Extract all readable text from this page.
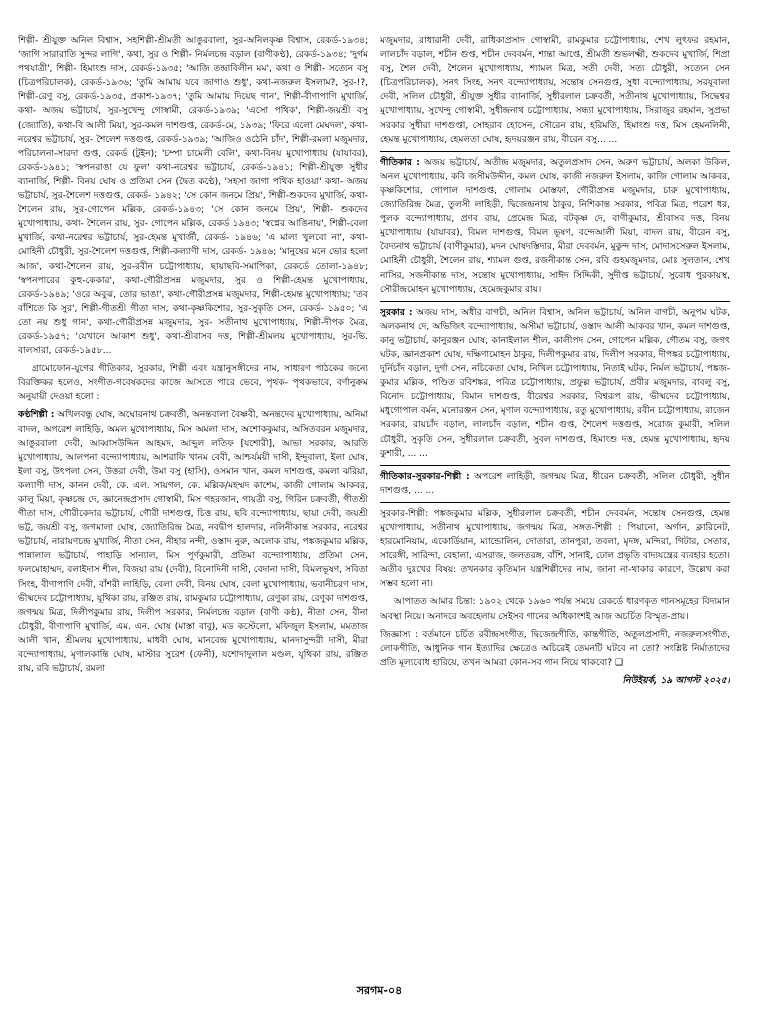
শিল্পী- শ্রীযুক্ত অনিল বিশ্বাস, সহশিল্পী-শ্রীমতী আঙুরবালা, সুর-অনিলকৃষ্ণ বিশ্বাস, রেকর্ড-১৯৩৪; 'জাগি সারারাতি সুন্দর লাগি', কথা, সুর ও শিল্পী- নির্মলচন্দ্র বড়াল (বাণীকণ্ঠ), রেকর্ড-১৯৩৪; 'দুর্গম পথযাত্রী', শিল্পী- হিমাংশু দাস, রেকর্ড-১৯৩৫; 'আজি তন্দ্রাবিলীন মম', কথা ও শিল্পী- সত্যেন বসু (চিত্রপরিচালক), রেকর্ড-১৯৩৬; 'তুমি আমায় যবে জাগাও শুধু', কথা-নজরুল ইসলাম?, সুর-!?, শিল্পী-রেণু বসু, রেকর্ড-১৯৩৫, প্রকাশ-১৯৩৭; 'তুমি আমায় দিয়েছ গান', শিল্পী-বীণাপাণি মুখার্জি, কথা- অজয় ভট্টাচার্য, সুর-সুখেন্দু গোস্বামী, রেকর্ড-১৯৩৯; 'এসো পথিক', শিল্পী-জয়শ্রী বসু (জ্যোতি), কথা-বি আলী মিয়া, সুর-কমল দাশগুপ্ত, রেকর্ড-মে, ১৯৩৯; 'ফিরে এলো মেঘদল', কথা- নরেশ্বর ভট্টাচার্য, সুর- শৈলেশ দত্তগুপ্ত, রেকর্ড-১৯৩৯; 'আজিও ওঠেনি চাঁদ', শিল্পী-রমলা মজুমদার, পরিচালনা-সারদা গুপ্ত, রেকর্ড (টুইন); 'চম্পা চামেলী বেলি', কথা-বিনয় মুখোপাধ্যায় (যাযাবর), রেকর্ড-১৯৪১; 'স্বপনরাঙা যে ফুল' কথা-নরেশ্বর ভট্টাচার্য, রেকর্ড-১৯৪১; শিল্পী-শ্রীযুক্ত সুধীর ব্যানার্জি, শিল্পী- বিনয় ঘোষ ও প্রতিমা সেন (দ্বৈত কণ্ঠে), 'সহসা জাগা পথিক হাওয়া' কথা- অজয় ভট্টাচার্য, সুর-শৈলেশ দত্তগুপ্ত, রেকর্ড- ১৯৪২; 'সে কোন জনমে প্রিয়', শিল্পী-শুকদেব মুখার্জি, কথা- শৈলেন রায়, সুর-গোপেন মল্লিক, রেকর্ড-১৯৪৩; 'সে কোন জনমে প্রিয়', শিল্পী- শুকদেব মুখোপাধ্যায়, কথা- শৈলেন রায়, সুর- গোপেন মল্লিক, রেকর্ড ১৯৪৩; 'স্বপ্নের আঙিনায়', শিল্পী-বেলা মুখার্জি, কথা-নরেশ্বর ভট্টাচার্য, সুর-হেমন্ত মুখার্জী, রেকর্ড- ১৯৪৬; 'এ মালা খুলবো না', কথা- মোহিনী চৌধুরী, সুর-শৈলেশ দত্তগুপ্ত, শিল্পী-কল্যাণী দাস, রেকর্ড- ১৯৪৬; 'মানুষের মনে ভোর হলো আজ', কথা-শৈলেন রায়, সুর-রবীন চট্টোপাধ্যায়, ছায়াছবি-সমাপিকা, রেকর্ডে তোলা-১৯৪৮; 'স্বপনপারের কুহু-কেকার', কথা-গৌরীপ্রসন্ন মজুমদার, সুর ও শিল্পী-হেমন্ত মুখোপাধ্যায়, রেকর্ড-১৯৪৯; 'ওরে অবুঝ, তোর ভাঙা', কথা-গৌরীপ্রসন্ন মজুমদার, শিল্পী-হেমন্ত মুখোপাধ্যায়; 'তব বাঁশিতে কি সুর', শিল্পী-গীতশ্রী গীতা দাস, কথা-কৃষ্ণকিশোর, সুর-সুকৃতি সেন, রেকর্ড- ১৯৫০; 'এ তো নয় শুধু গান', কথা-গৌরীপ্রসন্ন মজুমদার, সুর- সতীনাথ মুখোপাধ্যায়, শিল্পী-দীপক মৈত্র, রেকর্ড-১৯৫৭; 'যেখানে আকাশ শুধু', কথা-শ্রীবাসব দত্ত, শিল্পী-শ্রীমলয় মুখোপাধ্যায়, সুর-ভি. বালসারা, রেকর্ড-১৯৫৮...

গ্রামোফোন-যুগের গীতিকার, সুরকার, শিল্পী এবং যন্ত্রানুসঙ্গীদের নাম, সাধারণ পাঠকের জন্যে বিরক্তিকর হলেও, সংগীত-গবেষকদের কাজে আসতে পারে ভেবে, পৃথক- পৃথকভাবে, বর্ণানুক্রম অনুযায়ী দেওয়া হলো :

কণ্ঠশিল্পী : অখিলবন্ধু ঘোষ, অঘোরনাথ চক্রবর্তী, অনন্তবালা বৈষ্ণবী, অনন্তদেব মুখোপাধ্যায়, অনিমা বাদল, অপরেশ লাহিড়ি, অমল মুখোপাধ্যায়, মিস অমলা দাস, অশোককুমার, অসিতবরন মজুমদার, আঙুরবালা দেবী, আব্বাসউদ্দিন আহমদ, আব্দুল লতিফ [যশোরী], আভা সরকার, আরতি মুখোপাধ্যায়, আলপনা বন্দ্যোপাধ্যায়, আশরাফি খানম বেবী, আশ্চর্যময়ী দাসী, ইন্দুবালা, ইলা ঘোষ, ইলা বসু, উৎপলা সেন, উত্তরা দেবী, উমা বসু (হাসি), ওসমান খান, কমল দাশগুপ্ত, কমলা ঝরিয়া, কল্যাণী দাস, কানন দেবী, কে. এল. সায়গল, কে. মল্লিক/মহম্মদ কাশেম, কাজী গোলাম আকবর, কালু মিয়া, কৃষ্ণচন্দ্র দে, জ্ঞানেন্দ্রপ্রসাদ গোস্বামী, মিস গহরজান, গায়ত্রী বসু, গিরিন চক্রবর্তী, গীতশ্রী গীতা দাস, গৌরীকেদার ভট্টাচার্য, গৌরী দাশগুপ্ত, চিত্ত রায়, ছবি বন্দ্যোপাধ্যায়, ছায়া দেবী, জয়শ্রী ভট্ট, জয়শ্রী বসু, জগমালা ঘোষ, জ্যোতিরিন্দ্র মৈত্র, নবদ্বীপ হালদার, নলিনীকান্ত সরকার, নরেশ্বর ভট্টাচার্য, নারায়ণচন্দ্র মুখার্জি, নীতা সেন, নীহার নন্দী, ওস্তাদ নুরু, অলোক রায়, পঙ্কজকুমার মল্লিক, পান্নালাল ভট্টাচার্য, পাহাড়ি সান্যাল, মিস পূর্ণকুমারী, প্রতিমা বন্দ্যোপাধ্যায়, প্রতিমা সেন, ফলমোহাম্মদ, বলাইদাস শীল, বিজয়া রায় (দেবী), বিনোদিনী দাসী, বেদানা দাসী, বিমলভূষণ, সবিতা সিংহ, বীণাপাণি দেবী, বাঁশরী লাহিড়ি, বেলা দেবী, বিনয় ঘোষ, বেলা মুখোপাধ্যায়, ভবানীচরণ দাস, ভীষ্মদেব চট্টোপাধ্যায়, যূথিকা রায়, রঞ্জিত রায়, রামকুমার চট্টোপাধ্যায়, রেণুকা রায়, রেণুকা দাশগুপ্ত, জগন্ময় মিত্র, দিলীপকুমার রায়, দিলীপ সরকার, নির্মলচন্দ্র বড়াল (বাণী কণ্ঠ), নীতা সেন, বীনা চৌধুরী, বীণাপাণি মুখার্জি, এম. এন. ঘোষ (মাস্তা বাবু), মড কস্টেলো, মফিজুল ইসলাম, মমতাজ আলী খান, শ্রীমলয় মুখোপাধ্যায়, মাধবী ঘোষ, মানবেন্দ্র মুখোপাধ্যায়, মানদাসুন্দরী দাসী, মীরা বন্দ্যোপাধ্যায়, মৃণালকান্তি ঘোষ, মাস্টার সুরেশ (ফেনী), যশোদাদুলাল মণ্ডল, যূথিকা রায়, রঞ্জিত রায়, রবি ভট্টাচার্য, রমলা

মজুমদার, রাধারানী দেবী, রাধিকাপ্রসাদ গোস্বামী, রামকুমার চট্টোপাধ্যায়, শেখ লুৎফর রহমান, লালচাঁদ বড়াল, শচীন গুপ্ত, শচীন দেববর্মন, শান্তা আপ্তে, শ্রীমতী শুভলক্ষ্মী, শুকদেব মুখার্জি, শিপ্রা বসু, শৈল দেবী, শৈলেন মুখোপাধ্যায়, শ্যামল মিত্র, সতী দেবী, সত্য চৌধুরী, সত্যেন সেন (চিত্রপরিচালক), সনৎ সিংহ, সনৎ বন্দ্যোপাধ্যায়, সন্তোষ সেনগুপ্ত, সুধা বন্দ্যোপাধ্যায়, সরযূবালা দেবী, সলিল চৌধুরী, শ্রীযুক্ত সুধীর ব্যানার্জি, সুধীরলাল চক্রবর্তী, সতীনাথ মুখোপাধ্যায়, সিদ্ধেশ্বর মুখোপাধ্যায়, সুখেন্দু গোস্বামী, সুধীন্দ্রনাথ চট্টোপাধ্যায়, সন্ধ্যা মুখোপাধ্যায়, সিরাজুর রহমান, সুপ্রভা সরকার সুধীরা দাশগুপ্তা, সোহরাব হোসেন, সৌরেন রায়, হরিমতি, হিমাংশু দত্ত, মিস হেমনলিনী, হেমন্ত মুখোপাধ্যায়, হেমলতা ঘোষ, হৃদয়রঞ্জন রায়, বীরেন বসু... ...

গীতিকার : অজয় ভট্টাচার্য, অতীন্দ্র মজুমদার, অতুলপ্রসাদ সেন, অরুণ ভট্টাচার্য, অলকা উকিল, অনল মুখোপাধ্যায়, কবি জসীমউদ্দীন, কমল ঘোষ, কাজী নজরুল ইসলাম, কাজি গোলাম আকবর, কৃষ্ণকিশোর, গোপাল দাশগুপ্ত, গোলাম মোস্তফা, গৌরীপ্রসন্ন মজুমদার, চারু মুখোপাধ্যায়, জ্যোতিরিন্দ্র মৈত্র, তুলসী লাহিড়ী, দ্বিজেন্দ্রনাথ ঠাকুর, নিশিকান্ত সরকার, পবিত্র মিত্র, পরেশ ধর, পুলক বন্দ্যোপাধ্যায়, প্রণব রায়, প্রেমেন্দ্র মিত্র, বটকৃষ্ণ দে, বাণীকুমার, শ্রীবাসব দত্ত, বিনয় মুখোপাধ্যায় (যাযাবর), বিমল দাশগুপ্ত, বিমল ভূষণ, বন্দেআলী মিয়া, বাদল রায়, বীরেন বসু, বৈদ্যনাথ ভট্টাচার্য (বাণীকুমার), মদন ঘোষদস্তিদার, মীরা দেববর্মন, মুকুন্দ দাস, মোদাসসেরুল ইসলাম, মোহিনী চৌধুরী, শৈলেন রায়, শ্যামল গুপ্ত, রজনীকান্ত সেন, রবি গুহমজুমদার, মোঃ সুলতান, শেখ নাসির, সজনীকান্ত দাস, সন্তোষ মুখোপাধ্যায়, সাঈদ সিদ্দিকী, সুদীপ্ত ভট্টাচার্য, সুবোধ পুরকায়স্থ, সৌরীন্দ্রমোহন মুখোপাধ্যায়, হেমেন্দ্রকুমার রায়।

সুরকার : অজয় দাস, অধীর বাগচী, অনিল বিশ্বাস, অনিল ভট্টাচার্য, অনিল বাগচী, অনুপম ঘটক, অলকনাথ দে, অভিজিৎ বন্দ্যোপাধ্যায়, অসীমা ভট্টাচার্য, ওস্তাদ আলী আকবর খান, কমল দাশগুপ্ত, কানু ভট্টাচার্য, কানুরঞ্জন ঘোষ, কানাইলাল শীল, কালীপদ সেন, গোপেন মল্লিক, গৌতম বসু, জগৎ ঘটক, জ্ঞানপ্রকাশ ঘোষ, দক্ষিণামোহন ঠাকুর, দিলীপকুমার রায়, দিলীপ সরকার, দীপঙ্কর চট্টোপাধ্যায়, দুর্নিচাঁদ বড়াল, দুর্গা সেন, নচিকেতা ঘোষ, নিখিল চট্টোপাধ্যায়, নিতাই ঘটক, নির্মল ভট্টাচার্য, পঙ্কজ-কুমার মল্লিক, পণ্ডিত রবিশঙ্কর, পবিত্র চট্টোপাধ্যায়, প্রফুল্ল ভট্টাচার্য, প্রবীর মজুমদার, বাবলু বসু, বিনোদ চট্টোপাধ্যায়, বিমান দাশগুপ্ত, বীরেশ্বর সরকার, বিশ্বরূপ রায়, ভীষ্মদেব চট্টোপাধ্যায়, মধুগোপাল বর্মন, মনোরঞ্জন সেন, মৃণাল বন্দ্যোপাধ্যায়, রতু মুখোপাধ্যায়, রবীন চট্টোপাধ্যায়, রাজেন সরকার, রায়চাঁদ বড়াল, লালচাঁদ বড়াল, শচীন গুপ্ত, শৈলেশ দত্তগুপ্ত, সরোজ কুমারী, সলিল চৌধুরী, সুকৃতি সেন, সুধীরলাল চক্রবর্তী, সুবল দাশগুপ্ত, হিমাংশু দত্ত, হেমন্ত মুখোপাধ্যায়, হৃদয় কুশারী, ... ...

গীতিকার-সুরকার-শিল্পী : অপরেশ লাহিড়ী, জগন্ময় মিত্র, ধীরেন চক্রবর্তী, সলিল চৌধুরী, সুধীন দাশগুপ্ত, ... ...

সুরকার-শিল্পী: পঙ্কজকুমার মল্লিক, সুধীরলাল চক্রবর্তী, শচীন দেববর্মন, সন্তোষ সেনগুপ্ত, হেমন্ত মুখোপাধ্যায়, সতীনাথ মুখোপাধ্যায়, জগন্ময় মিত্র, সঙ্গত-শিল্পী : পিয়ানো, অর্গান, ক্লারিনেট, হারমোনিয়াম, একোর্ডিয়ান, ম্যান্ডোলিন, দোতারা, তানপুরা, তবলা, মৃদঙ্গ, মন্দিরা, গিটার, সেতার, সারেঙ্গী, সারিন্দা, বেহালা, এসরাজ, জলতরঙ্গ, বাঁশি, সানাই, ঢোল প্রভৃতি বাদ্যযন্ত্রের ব্যবহার হতো। অতীব দুঃখের বিষয়: তখনকার কৃতিমান যন্ত্রশিল্পীদের নাম, জানা না-থাকার কারণে, উল্লেখ করা সম্ভব হলো না।

আপাতত আমার চিন্তা: ১৯০২ থেকে ১৯৬০ পর্যন্ত সময়ে রেকর্ডে ধারণকৃত গানসমূহের বিদ্যমান অবস্থা নিয়ে। অনাদরে অবহেলায় সেইসব গানের অধিকাংশই আজ অচর্চিত বিস্মৃত-প্রায়।

জিজ্ঞাস্য : বর্তমানে চর্চিত রবীন্দ্রসংগীত, দ্বিজেন্দ্রগীতি, কান্তগীতি, অতুলপ্রসাদী, নজরুলসংগীত, লোকগীতি, আধুনিক গান ইত্যাদির ক্ষেত্রেও অচিরেই তেমনটি ঘটবে না তো? সংশ্লিষ্ট নির্মাতাদের প্রতি মূল্যবোধ হারিয়ে, তখন আমরা কোন-সব গান নিয়ে থাকবো? ❑

নিউইয়র্ক, ১৯ আগস্ট ২০২৫।

সরগম-০৪
